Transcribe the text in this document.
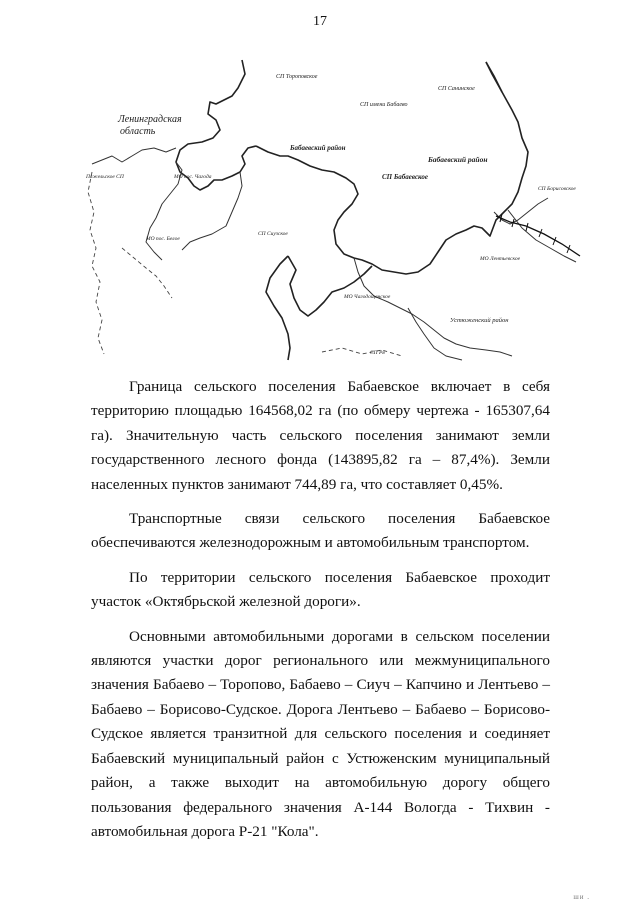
17
Ленинградская
область
СП Тороповское
СП имени Бабаево
СП Санинское
Бабаевский район
Бабаевский район
СП Бабаевское
Пяжельское СП	МО пос. Чагода
СП Сиузское
МО пос. Белое
СП Борисовское
МО Лентьевское
МО Чагодощенское
Устюженский район
СП Ря

Граница сельского поселения Бабаевское включает в себя территорию площадью 164568,02 га (по обмеру чертежа - 165307,64 га). Значительную часть сельского поселения занимают земли государственного лесного фонда (143895,82 га – 87,4%). Земли населенных пунктов занимают 744,89 га, что составляет 0,45%.

Транспортные связи сельского поселения Бабаевское обеспечиваются железнодорожным и автомобильным транспортом.

По территории сельского поселения Бабаевское проходит участок «Октябрьской железной дороги».

Основными автомобильными дорогами в сельском поселении являются участки дорог регионального или межмуниципального значения Бабаево – Торопово, Бабаево – Сиуч – Капчино и Лентьево – Бабаево – Борисово-Судское. Дорога Лентьево – Бабаево – Борисово-Судское является транзитной для сельского поселения и соединяет Бабаевский муниципальный район с Устюженским муниципальный район, а также выходит на автомобильную дорогу общего пользования федерального значения А-144 Вологда - Тихвин - автомобильная дорога Р-21 "Кола".

ши .
